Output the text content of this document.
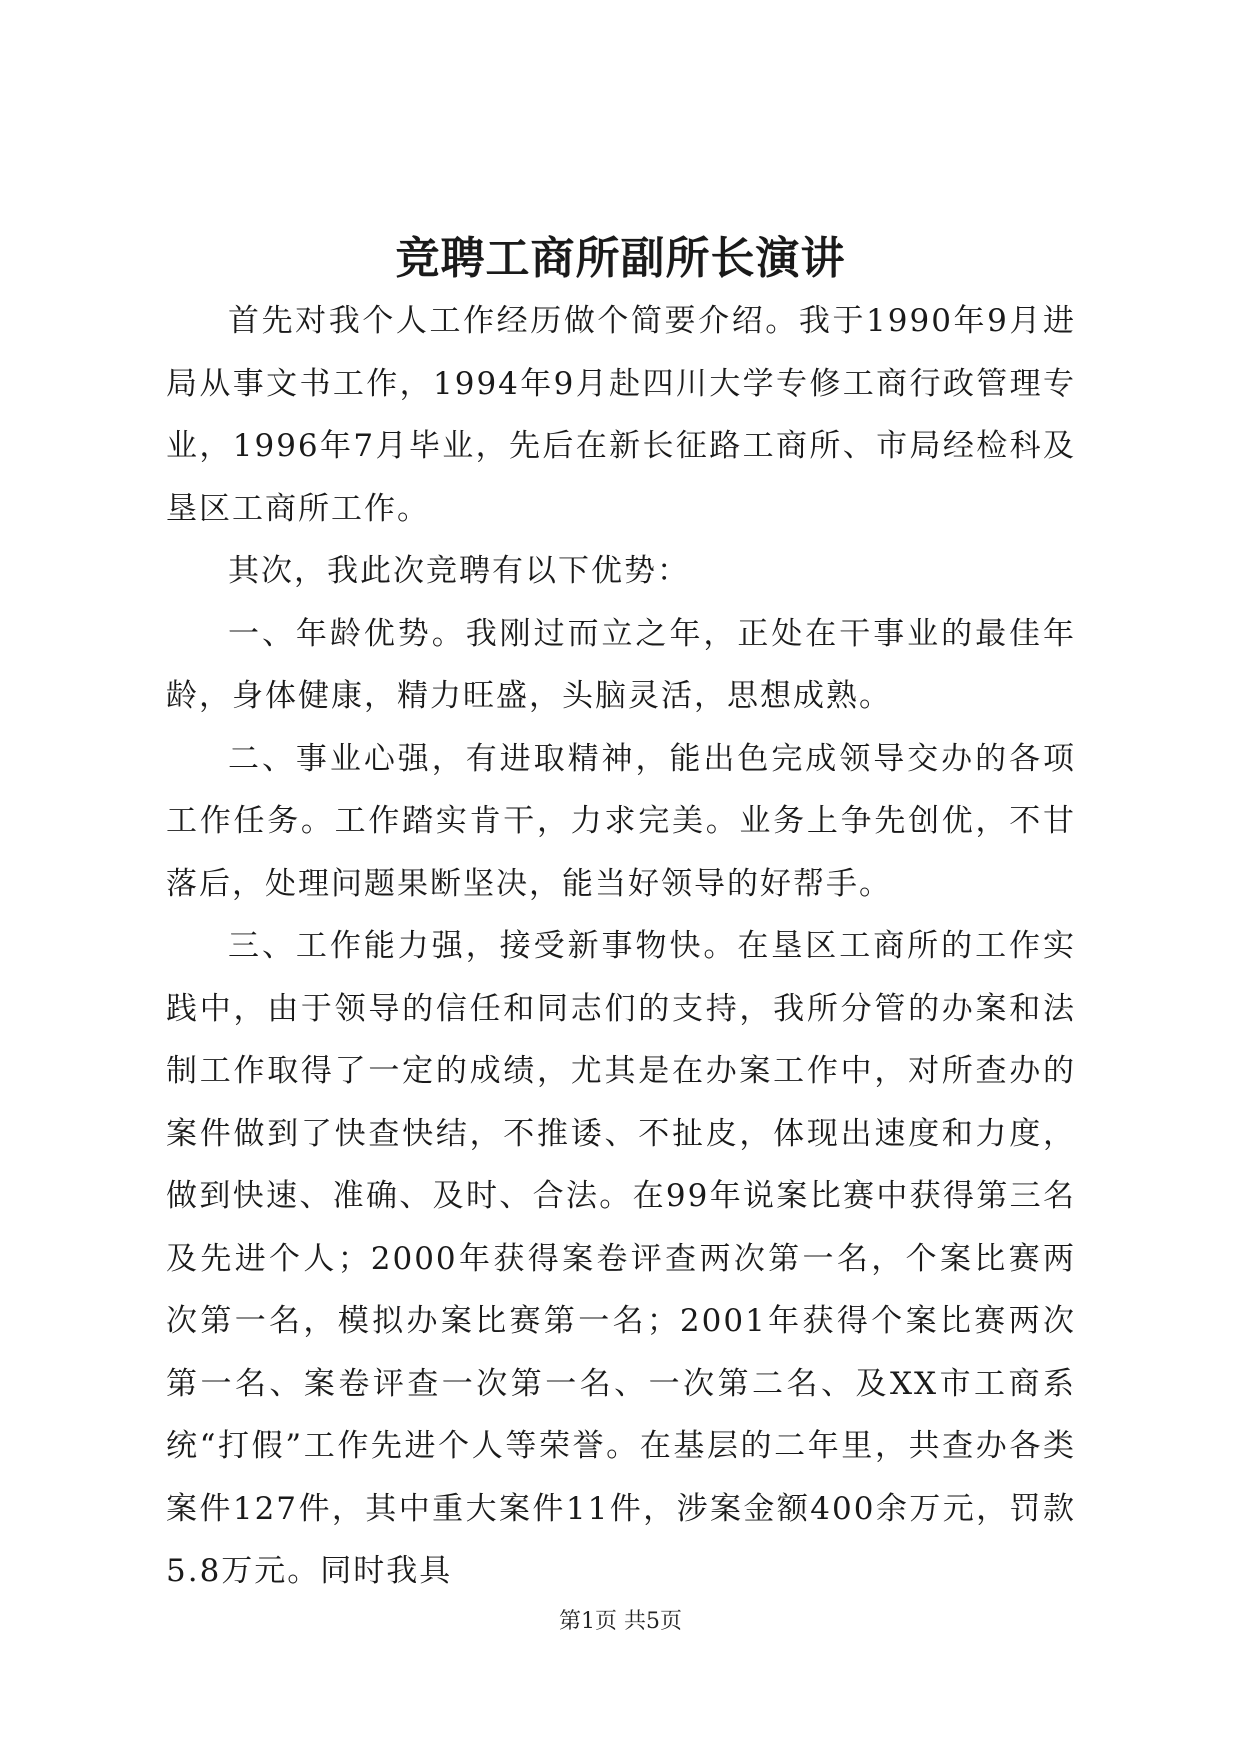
竞聘工商所副所长演讲

首先对我个人工作经历做个简要介绍。我于1990年9月进局从事文书工作，1994年9月赴四川大学专修工商行政管理专业，1996年7月毕业，先后在新长征路工商所、市局经检科及垦区工商所工作。

其次，我此次竞聘有以下优势：

一、年龄优势。我刚过而立之年，正处在干事业的最佳年龄，身体健康，精力旺盛，头脑灵活，思想成熟。

二、事业心强，有进取精神，能出色完成领导交办的各项工作任务。工作踏实肯干，力求完美。业务上争先创优，不甘落后，处理问题果断坚决，能当好领导的好帮手。

三、工作能力强，接受新事物快。在垦区工商所的工作实践中，由于领导的信任和同志们的支持，我所分管的办案和法制工作取得了一定的成绩，尤其是在办案工作中，对所查办的案件做到了快查快结，不推诿、不扯皮，体现出速度和力度，做到快速、准确、及时、合法。在99年说案比赛中获得第三名及先进个人；2000年获得案卷评查两次第一名，个案比赛两次第一名，模拟办案比赛第一名；2001年获得个案比赛两次第一名、案卷评查一次第一名、一次第二名、及XX市工商系统“打假”工作先进个人等荣誉。在基层的二年里，共查办各类案件127件，其中重大案件11件，涉案金额400余万元，罚款5.8万元。同时我具

第1页 共5页
